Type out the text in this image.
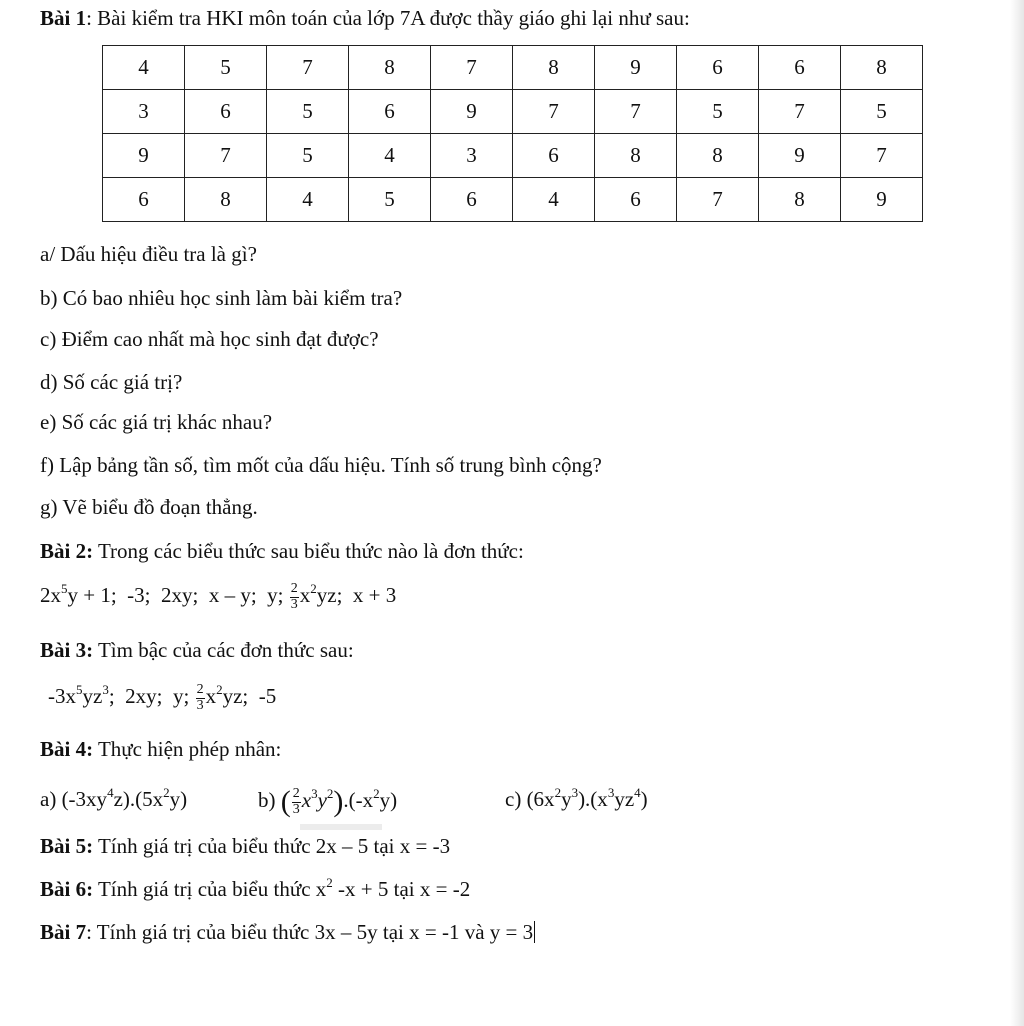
Bài 1: Bài kiểm tra HKI môn toán của lớp 7A được thầy giáo ghi lại như sau:
4	5	7	8	7	8	9	6	6	8
3	6	5	6	9	7	7	5	7	5
9	7	5	4	3	6	8	8	9	7
6	8	4	5	6	4	6	7	8	9
a/ Dấu hiệu điều tra là gì?
b) Có bao nhiêu học sinh làm bài kiểm tra?
c) Điểm cao nhất mà học sinh đạt được?
d) Số các giá trị?
e) Số các giá trị khác nhau?
f) Lập bảng tần số, tìm mốt của dấu hiệu. Tính số trung bình cộng?
g) Vẽ biểu đồ đoạn thẳng.
Bài 2: Trong các biểu thức sau biểu thức nào là đơn thức:
$2x^5y + 1$;  -3;  2xy;  x – y;  y; $\frac{2}{3} x^2yz$;  x + 3
Bài 3: Tìm bậc của các đơn thức sau:
$-3x^5yz^3$;  2xy;  y; $\frac{2}{3} x^2yz$;  -5
Bài 4: Thực hiện phép nhân:
a) $(-3xy^4z).(5x^2y)$	b) ( $\frac{2}{3} x^3y^2).(-x^2y)$	c) $(6x^2y^3).(x^3yz^4)$
Bài 5: Tính giá trị của biểu thức 2x – 5 tại x = -3
Bài 6: Tính giá trị của biểu thức $x^2$ -x + 5 tại x = -2
Bài 7: Tính giá trị của biểu thức 3x – 5y tại x = -1 và y = 3
